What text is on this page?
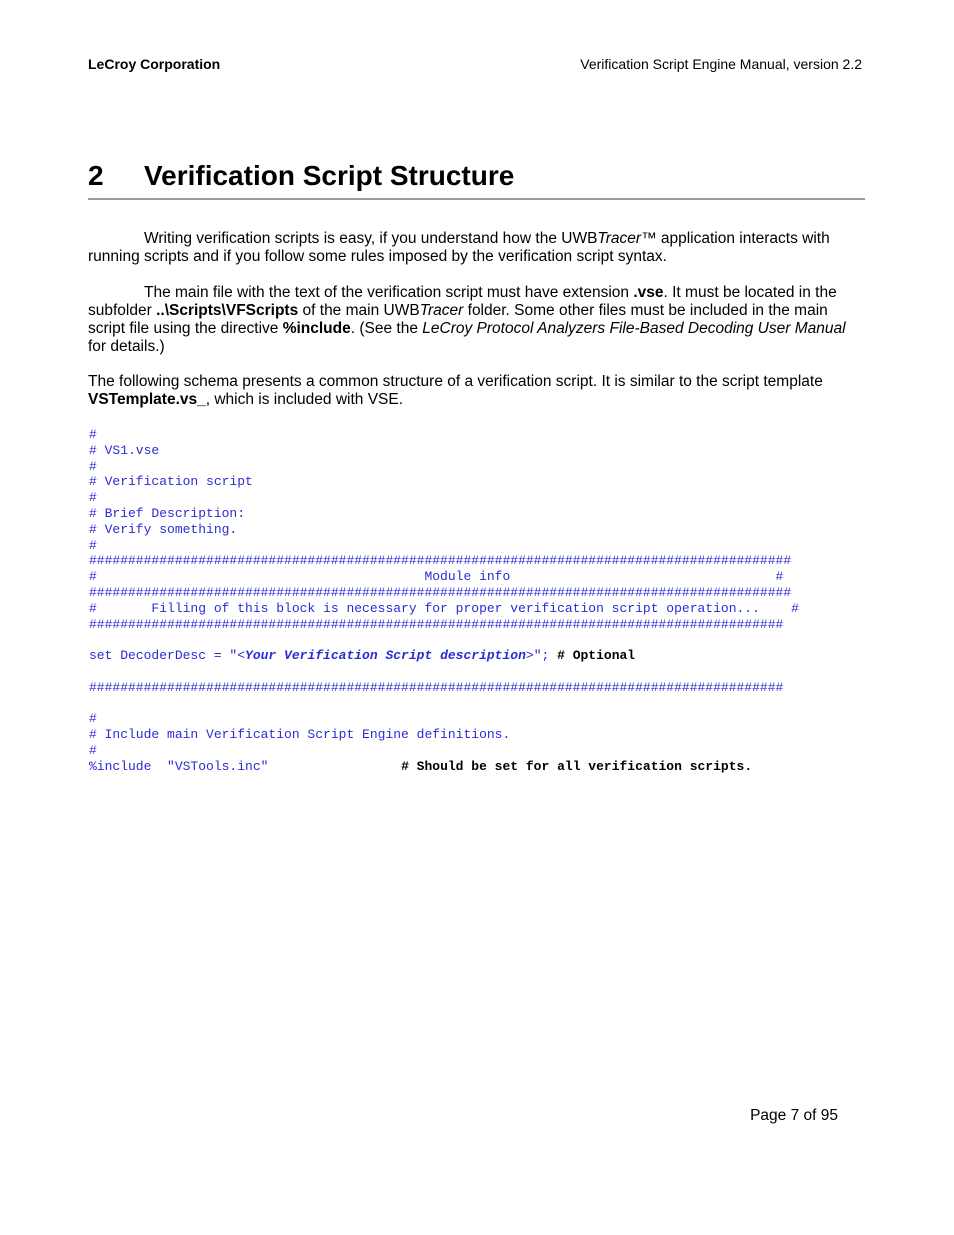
LeCroy Corporation	Verification Script Engine Manual, version 2.2
2	Verification Script Structure

Writing verification scripts is easy, if you understand how the UWBTracer™ application interacts with running scripts and if you follow some rules imposed by the verification script syntax.

The main file with the text of the verification script must have extension .vse. It must be located in the subfolder ..\Scripts\VFScripts of the main UWBTracer folder. Some other files must be included in the main script file using the directive %include. (See the LeCroy Protocol Analyzers File-Based Decoding User Manual for details.)

The following schema presents a common structure of a verification script. It is similar to the script template VSTemplate.vs_, which is included with VSE.

#
# VS1.vse
#
# Verification script
#
# Brief Description:
# Verify something.
#
##########################################################################################
#                                          Module info                                  #
##########################################################################################
#       Filling of this block is necessary for proper verification script operation...    #
#########################################################################################
set DecoderDesc = "<Your Verification Script description>"; # Optional
#########################################################################################
#
# Include main Verification Script Engine definitions.
#
%include  "VSTools.inc"                 # Should be set for all verification scripts.
Page 7 of 95
